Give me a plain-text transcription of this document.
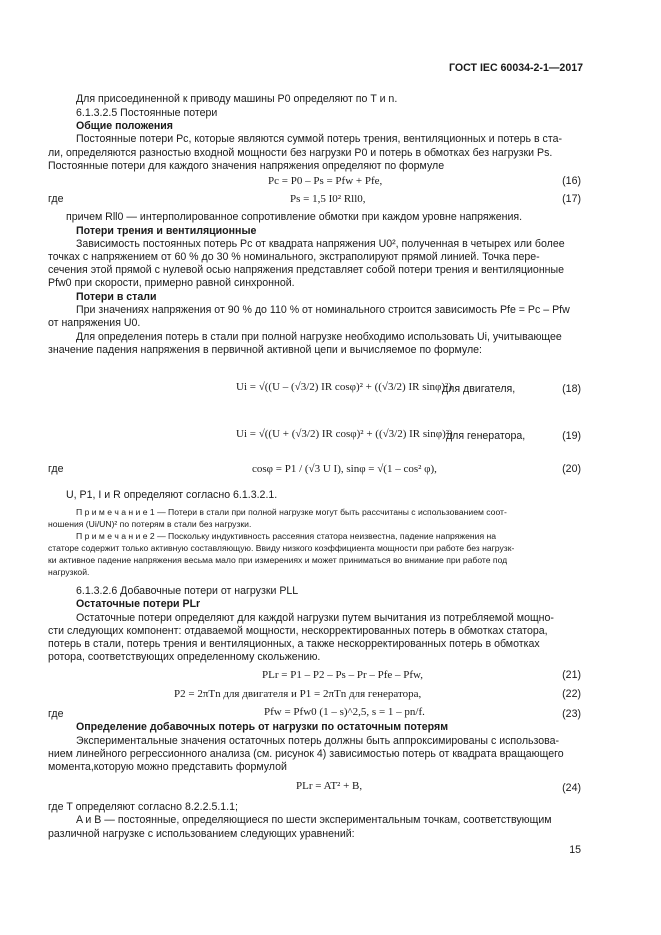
ГОСТ IEC 60034-2-1—2017
Для присоединенной к приводу машины P0 определяют по T и n.
6.1.3.2.5 Постоянные потери
Общие положения
Постоянные потери Pc, которые являются суммой потерь трения, вентиляционных и потерь в ста-
ли, определяются разностью входной мощности без нагрузки P0 и потерь в обмотках без нагрузки Ps.
Постоянные потери для каждого значения напряжения определяют по формуле
Pc = P0 – Ps = Pfw + Pfe,	(16)
где	Ps = 1,5 I0² Rll0,	(17)
причем Rll0 — интерполированное сопротивление обмотки при каждом уровне напряжения.
Потери трения и вентиляционные
Зависимость постоянных потерь Pc от квадрата напряжения U0², полученная в четырех или более
точках с напряжением от 60 % до 30 % номинального, экстраполируют прямой линией. Точка пере-
сечения этой прямой с нулевой осью напряжения представляет собой потери трения и вентиляционные
Pfw0 при скорости, примерно равной синхронной.
Потери в стали
При значениях напряжения от 90 % до 110 % от номинального строится зависимость Pfe = Pc – Pfw
от напряжения U0.
Для определения потерь в стали при полной нагрузке необходимо использовать Ui, учитывающее
значение падения напряжения в первичной активной цепи и вычисляемое по формуле:
Ui = √((U – (√3/2) IR cosφ)² + ((√3/2) IR sinφ)²)
для двигателя,	(18)
Ui = √((U + (√3/2) IR cosφ)² + ((√3/2) IR sinφ)²)
для генератора,	(19)
где	cosφ = P1 / (√3 U I), sinφ = √(1 – cos² φ),	(20)
U, P1, I и R определяют согласно 6.1.3.2.1.
П р и м е ч а н и е 1 — Потери в стали при полной нагрузке могут быть рассчитаны с использованием соот-
ношения (Ui/UN)² по потерям в стали без нагрузки.
П р и м е ч а н и е 2 — Поскольку индуктивность рассеяния статора неизвестна, падение напряжения на
статоре содержит только активную составляющую. Ввиду низкого коэффициента мощности при работе без нагрузк-
ки активное падение напряжения весьма мало при измерениях и может приниматься во внимание при работе под
нагрузкой.
6.1.3.2.6 Добавочные потери от нагрузки PLL
Остаточные потери PLr
Остаточные потери определяют для каждой нагрузки путем вычитания из потребляемой мощно-
сти следующих компонент: отдаваемой мощности, нескорректированных потерь в обмотках статора,
потерь в стали, потерь трения и вентиляционных, а также нескорректированных потерь в обмотках
ротора, соответствующих определенному скольжению.
PLr = P1 – P2 – Ps – Pr – Pfe – Pfw,	(21)
P2 = 2πTn для двигателя и P1 = 2πTn для генератора,	(22)
где	Pfw = Pfw0 (1 – s)^2,5, s = 1 – pn/f.	(23)
Определение добавочных потерь от нагрузки по остаточным потерям
Экспериментальные значения остаточных потерь должны быть аппроксимированы с использова-
нием линейного регрессионного анализа (см. рисунок 4) зависимостью потерь от квадрата вращающего
момента,которую можно представить формулой
PLr = AT² + B,	(24)
где T определяют согласно 8.2.2.5.1.1;
A и B — постоянные, определяющиеся по шести экспериментальным точкам, соответствующим
различной нагрузке с использованием следующих уравнений:
15
